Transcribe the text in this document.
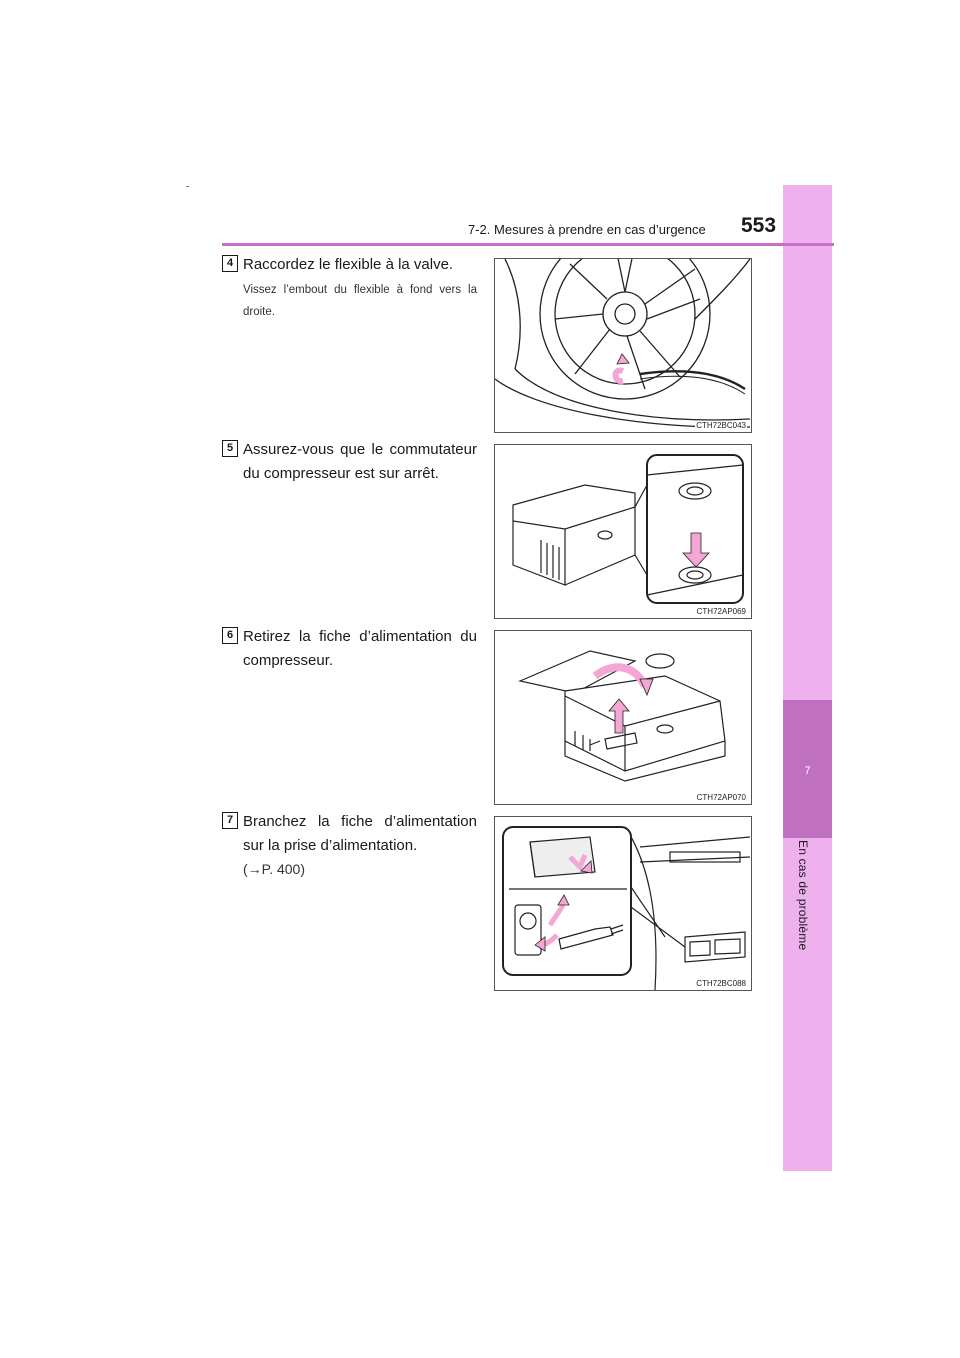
7
En cas de problème
7-2. Mesures à prendre en cas d’urgence 553
4 Raccordez le flexible à la valve.
Vissez l’embout du flexible à fond vers la droite.
CTH72BC043
5 Assurez-vous que le commutateur du compresseur est sur arrêt.
CTH72AP069
6 Retirez la fiche d’alimentation du compresseur.
CTH72AP070
7 Branchez la fiche d’alimentation sur la prise d’alimentation.
(→P. 400)
CTH72BC088
